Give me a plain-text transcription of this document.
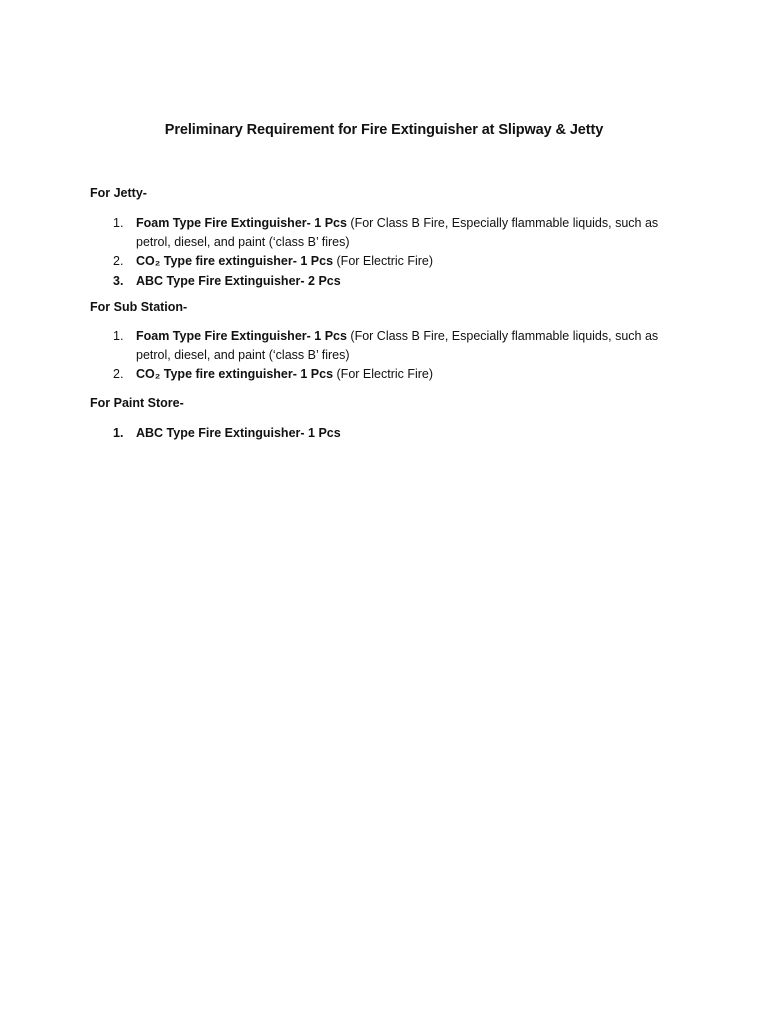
Preliminary Requirement for Fire Extinguisher at Slipway & Jetty
For Jetty-
1. Foam Type Fire Extinguisher- 1 Pcs (For Class B Fire, Especially flammable liquids, such as petrol, diesel, and paint (‘class B’ fires)
2. CO₂ Type fire extinguisher- 1 Pcs (For Electric Fire)
3. ABC Type Fire Extinguisher- 2 Pcs
For Sub Station-
1. Foam Type Fire Extinguisher- 1 Pcs (For Class B Fire, Especially flammable liquids, such as petrol, diesel, and paint (‘class B’ fires)
2. CO₂ Type fire extinguisher- 1 Pcs (For Electric Fire)
For Paint Store-
1. ABC Type Fire Extinguisher- 1 Pcs
